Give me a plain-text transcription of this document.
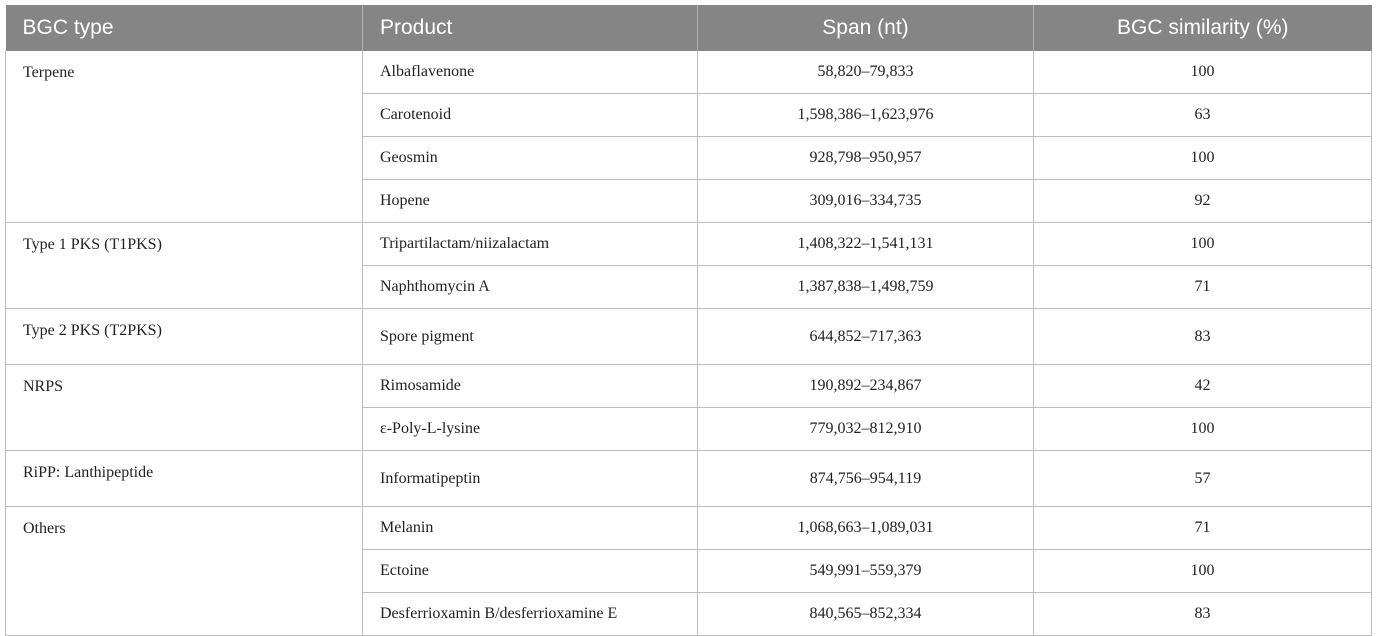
BGC type	Product	Span (nt)	BGC similarity (%)
Terpene	Albaflavenone	58,820–79,833	100
	Carotenoid	1,598,386–1,623,976	63
	Geosmin	928,798–950,957	100
	Hopene	309,016–334,735	92
Type 1 PKS (T1PKS)	Tripartilactam/niizalactam	1,408,322–1,541,131	100
	Naphthomycin A	1,387,838–1,498,759	71
Type 2 PKS (T2PKS)	Spore pigment	644,852–717,363	83
NRPS	Rimosamide	190,892–234,867	42
	ε-Poly-L-lysine	779,032–812,910	100
RiPP: Lanthipeptide	Informatipeptin	874,756–954,119	57
Others	Melanin	1,068,663–1,089,031	71
	Ectoine	549,991–559,379	100
	Desferrioxamin B/desferrioxamine E	840,565–852,334	83
